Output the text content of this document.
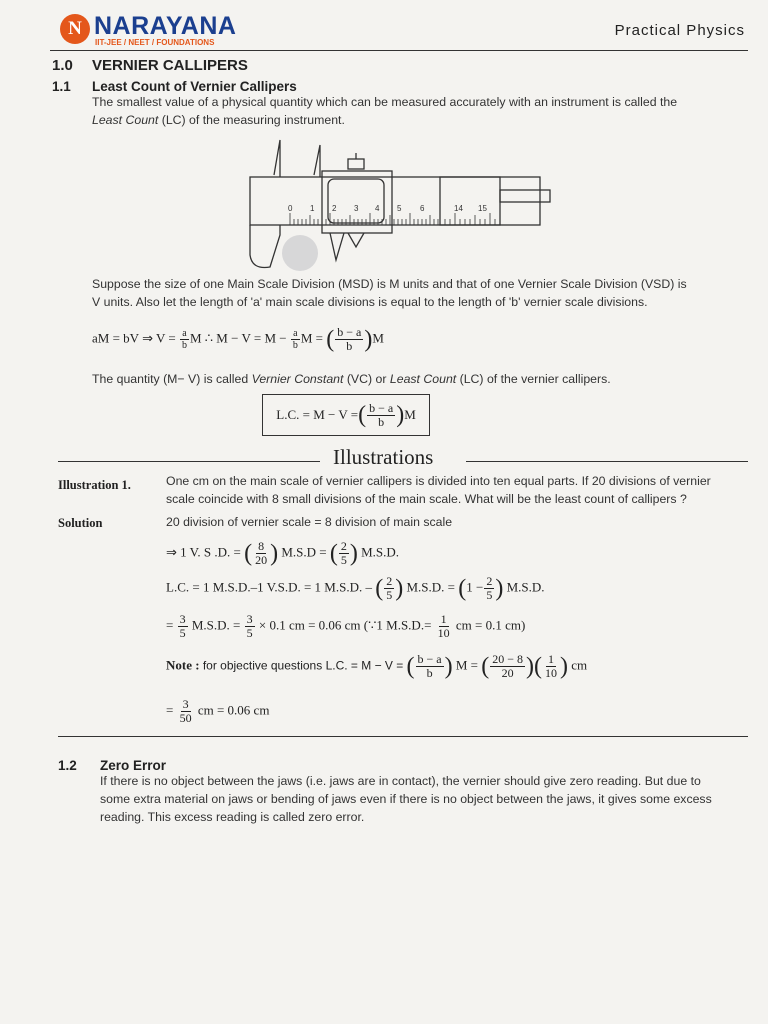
N NARAYANA
IIT-JEE / NEET / FOUNDATIONS
Practical Physics
1.0 VERNIER CALLIPERS
1.1 Least Count of Vernier Callipers
The smallest value of a physical quantity which can be measured accurately with an instrument is called the
Least Count (LC) of the measuring instrument.
0 1 2 3 4 5 6	14 15
Suppose the size of one Main Scale Division (MSD) is M units and that of one Vernier Scale Division (VSD) is
V units. Also let the length of 'a' main scale divisions is equal to the length of 'b' vernier scale divisions.
aM = bV ⇒ $V = \frac{a}{b}$ M ∴ $M - V = M - \frac{a}{b}$ M = ( $\frac{b - a}{b} )M$
The quantity (M− V) is called Vernier Constant (VC) or Least Count (LC) of the vernier callipers.
L.C. = M − V = ( $\frac{b - a}{b}$ ) M
Illustrations
Illustration 1.	One cm on the main scale of vernier callipers is divided into ten equal parts. If 20 divisions of vernier
scale coincide with 8 small divisions of the main scale. What will be the least count of callipers ?
Solution	20 division of vernier scale = 8 division of main scale
⇒ 1 V. S .D. = ( $\frac{8}{20}$ ) M.S.D = ( $\frac{2}{5}$ ) M.S.D.
L.C. = 1 M.S.D.–1 V.S.D. = 1 M.S.D. – ( $\frac{2}{5}$ ) M.S.D. = ($1 - \frac{2}{5}$ ) M.S.D.
= $\frac{3}{5} M.S.D$. = $\frac{3}{5} \times 0.1$ cm = 0.06 cm (∵1 $M.S.D.= \frac{1}{10}$ cm = 0.1 cm)
Note : for objective questions L.C. = M − V = ( $\frac{b - a}{b}$ ) M = ( $\frac{20 - 8}{20}$ )( $\frac{1}{10}$ ) cm
= $\frac{3}{50}$ cm = 0.06 cm
1.2 Zero Error
If there is no object between the jaws (i.e. jaws are in contact), the vernier should give zero reading. But due to
some extra material on jaws or bending of jaws even if there is no object between the jaws, it gives some excess
reading. This excess reading is called zero error.
